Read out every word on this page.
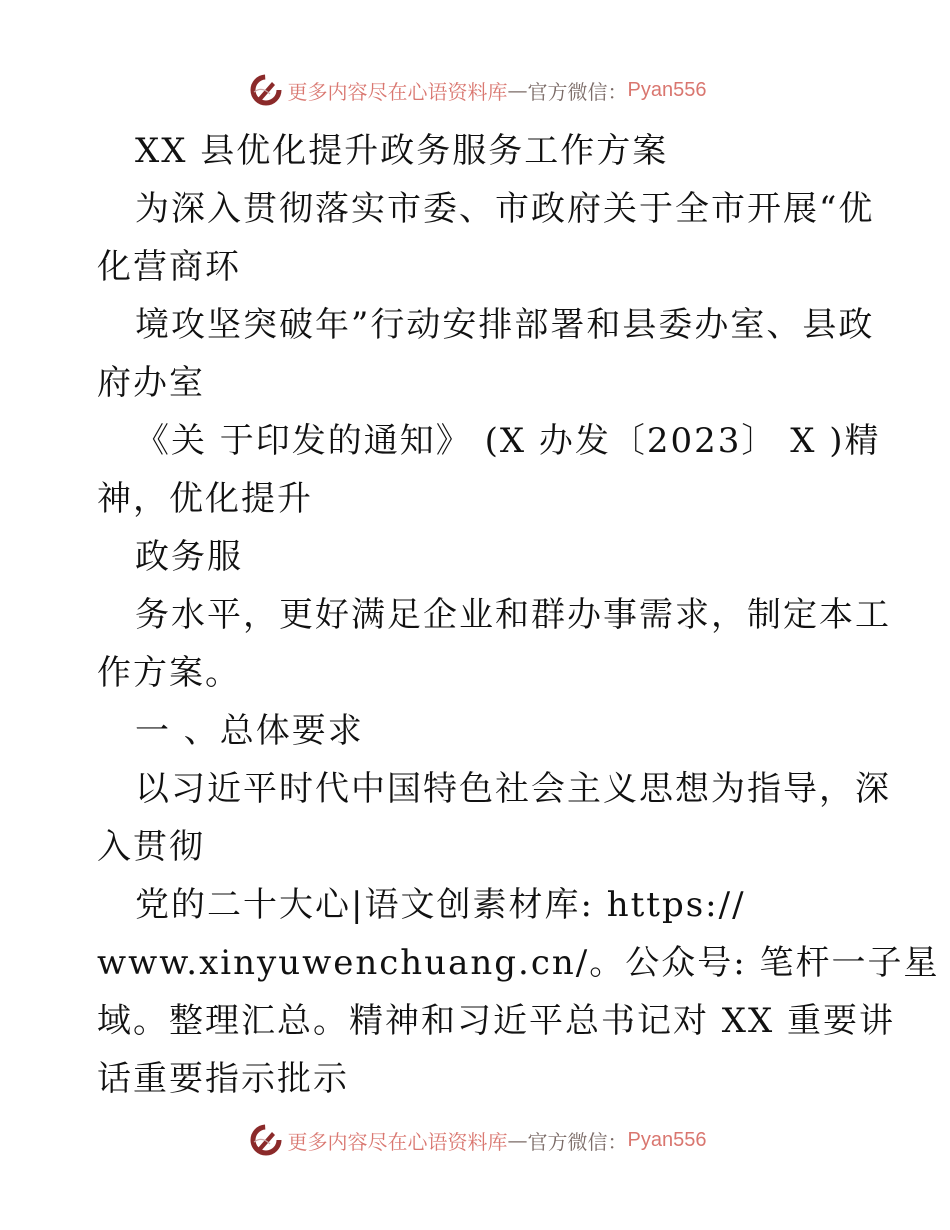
更多内容尽在心语资料库 — 官方微信： Pyan556
XX 县优化提升政务服务工作方案
为深入贯彻落实市委、市政府关于全市开展“优
化营商环
境攻坚突破年”行动安排部署和县委办室、县政
府办室
《关 于印发的通知》 (X 办发〔2023〕 X )精
神，优化提升
政务服
务水平，更好满足企业和群办事需求，制定本工
作方案。
一 、总体要求
以习近平时代中国特色社会主义思想为指导，深
入贯彻
党的二十大心|语文创素材库: https://
www.xinyuwenchuang.cn/。公众号: 笔杆一子星
域。整理汇总。精神和习近平总书记对 XX 重要讲
话重要指示批示
更多内容尽在心语资料库 — 官方微信： Pyan556
